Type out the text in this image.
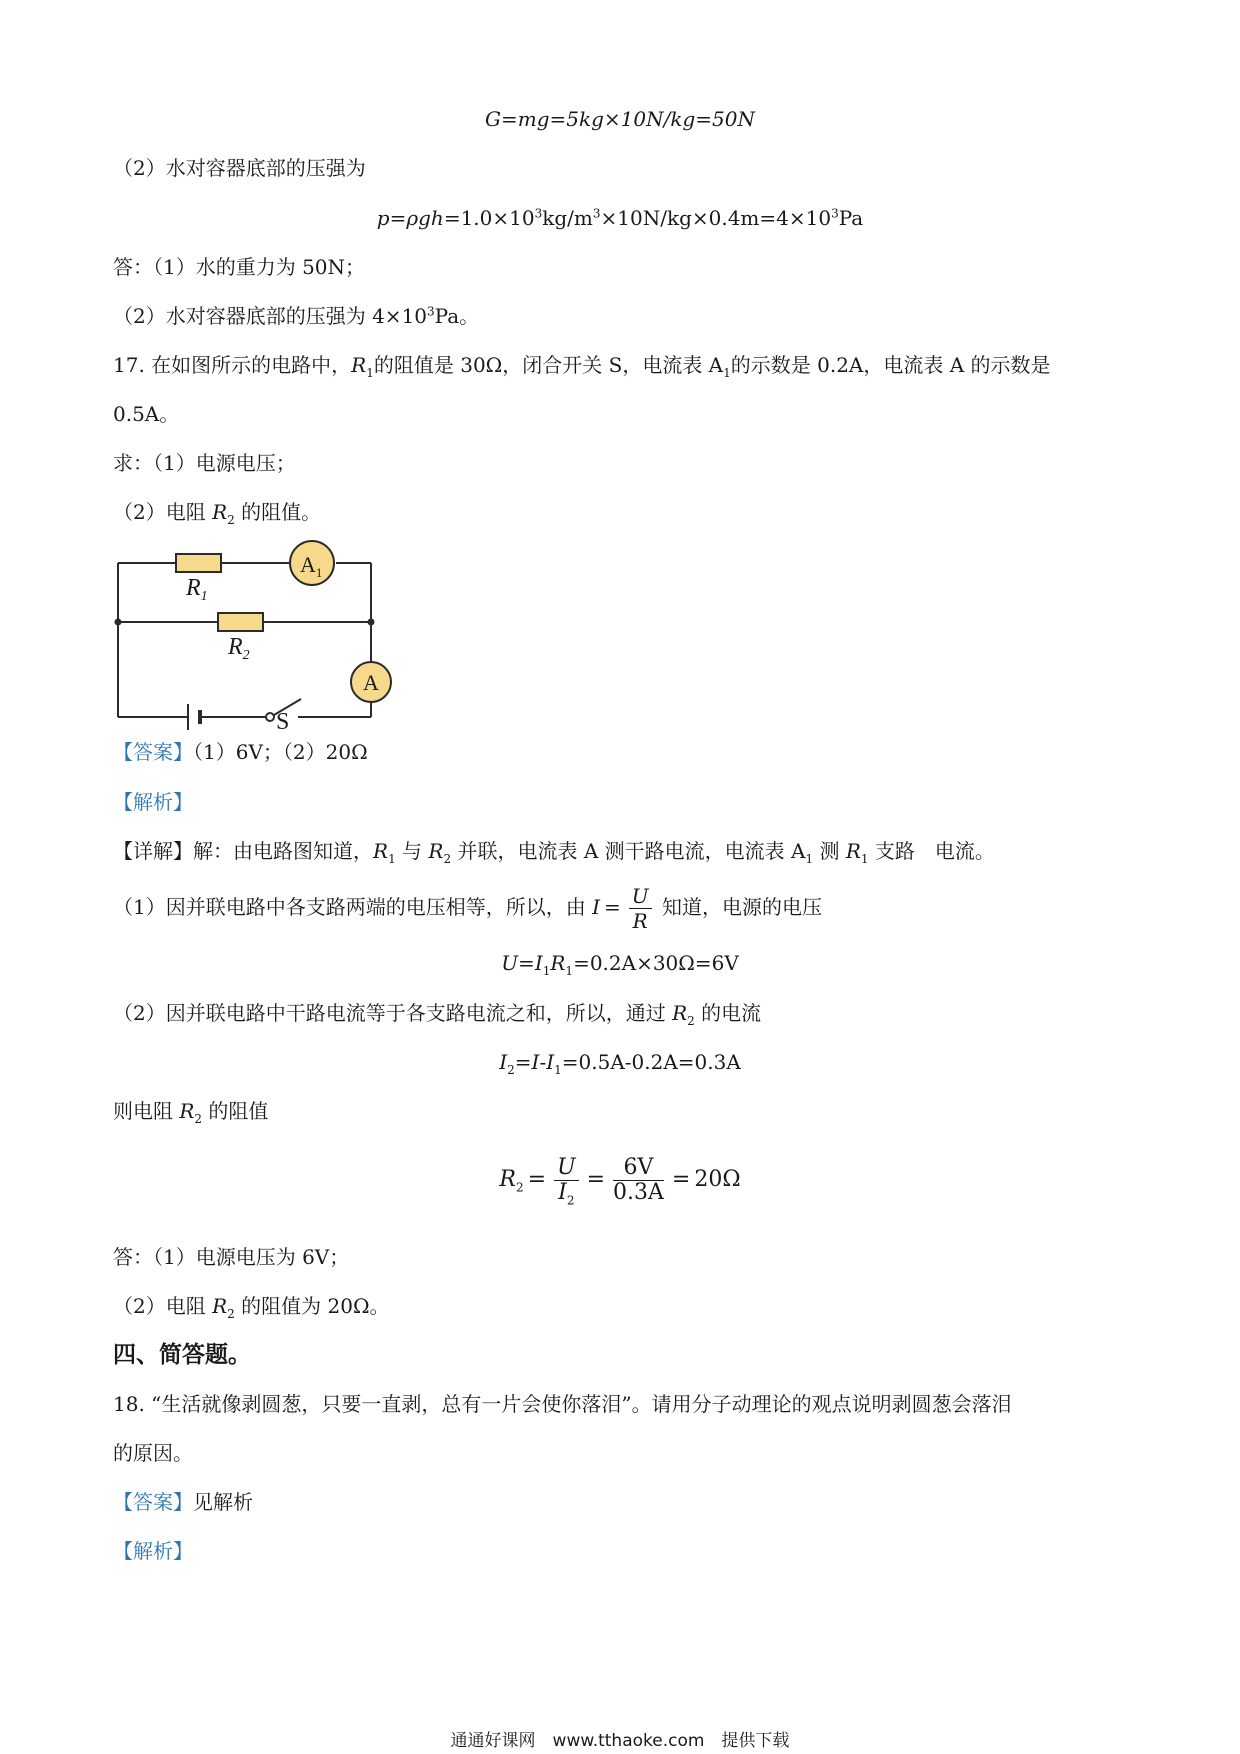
G=mg=5kg×10N/kg=50N
（2）水对容器底部的压强为
$p=\rho gh=1.0\times 10^3kg/m^3\times 10N/kg\times 0.4m=4\times 10^3Pa$
答：（1）水的重力为 50N；
（2）水对容器底部的压强为 $4\times 10^3Pa$。
17. 在如图所示的电路中，$R_1$的阻值是 30Ω，闭合开关 S，电流表 $A_1$的示数是 0.2A，电流表 A 的示数是
0.5A。
求：（1）电源电压；
（2）电阻 $R_2$ 的阻值。
$R_1$
$R_2$
$A_1$
A
S
【答案】（1）6V；（2）20Ω
【解析】
【详解】解：由电路图知道，$R_1$ 与 $R_2$ 并联，电流表 A 测干路电流，电流表 $A_1$ 测 $R_1$ 支路　电流。
（1）因并联电路中各支路两端的电压相等，所以，由 $I = \frac{U}{R}$ 知道，电源的电压
$U=I_1R_1=0.2A\times 30\Omega=6V$
（2）因并联电路中干路电流等于各支路电流之和，所以，通过 $R_2$ 的电流
$I_2=I-I_1=0.5A-0.2A=0.3A$
则电阻 $R_2$ 的阻值
$R_2 = \frac{U}{I_2} = \frac{6V}{0.3A} = 20\Omega$
答：（1）电源电压为 6V；
（2）电阻 $R_2$ 的阻值为 20Ω。
四、简答题。
18. “生活就像剥圆葱，只要一直剥，总有一片会使你落泪”。请用分子动理论的观点说明剥圆葱会落泪
的原因。
【答案】见解析
【解析】
通通好课网　www.tthaoke.com　提供下载
